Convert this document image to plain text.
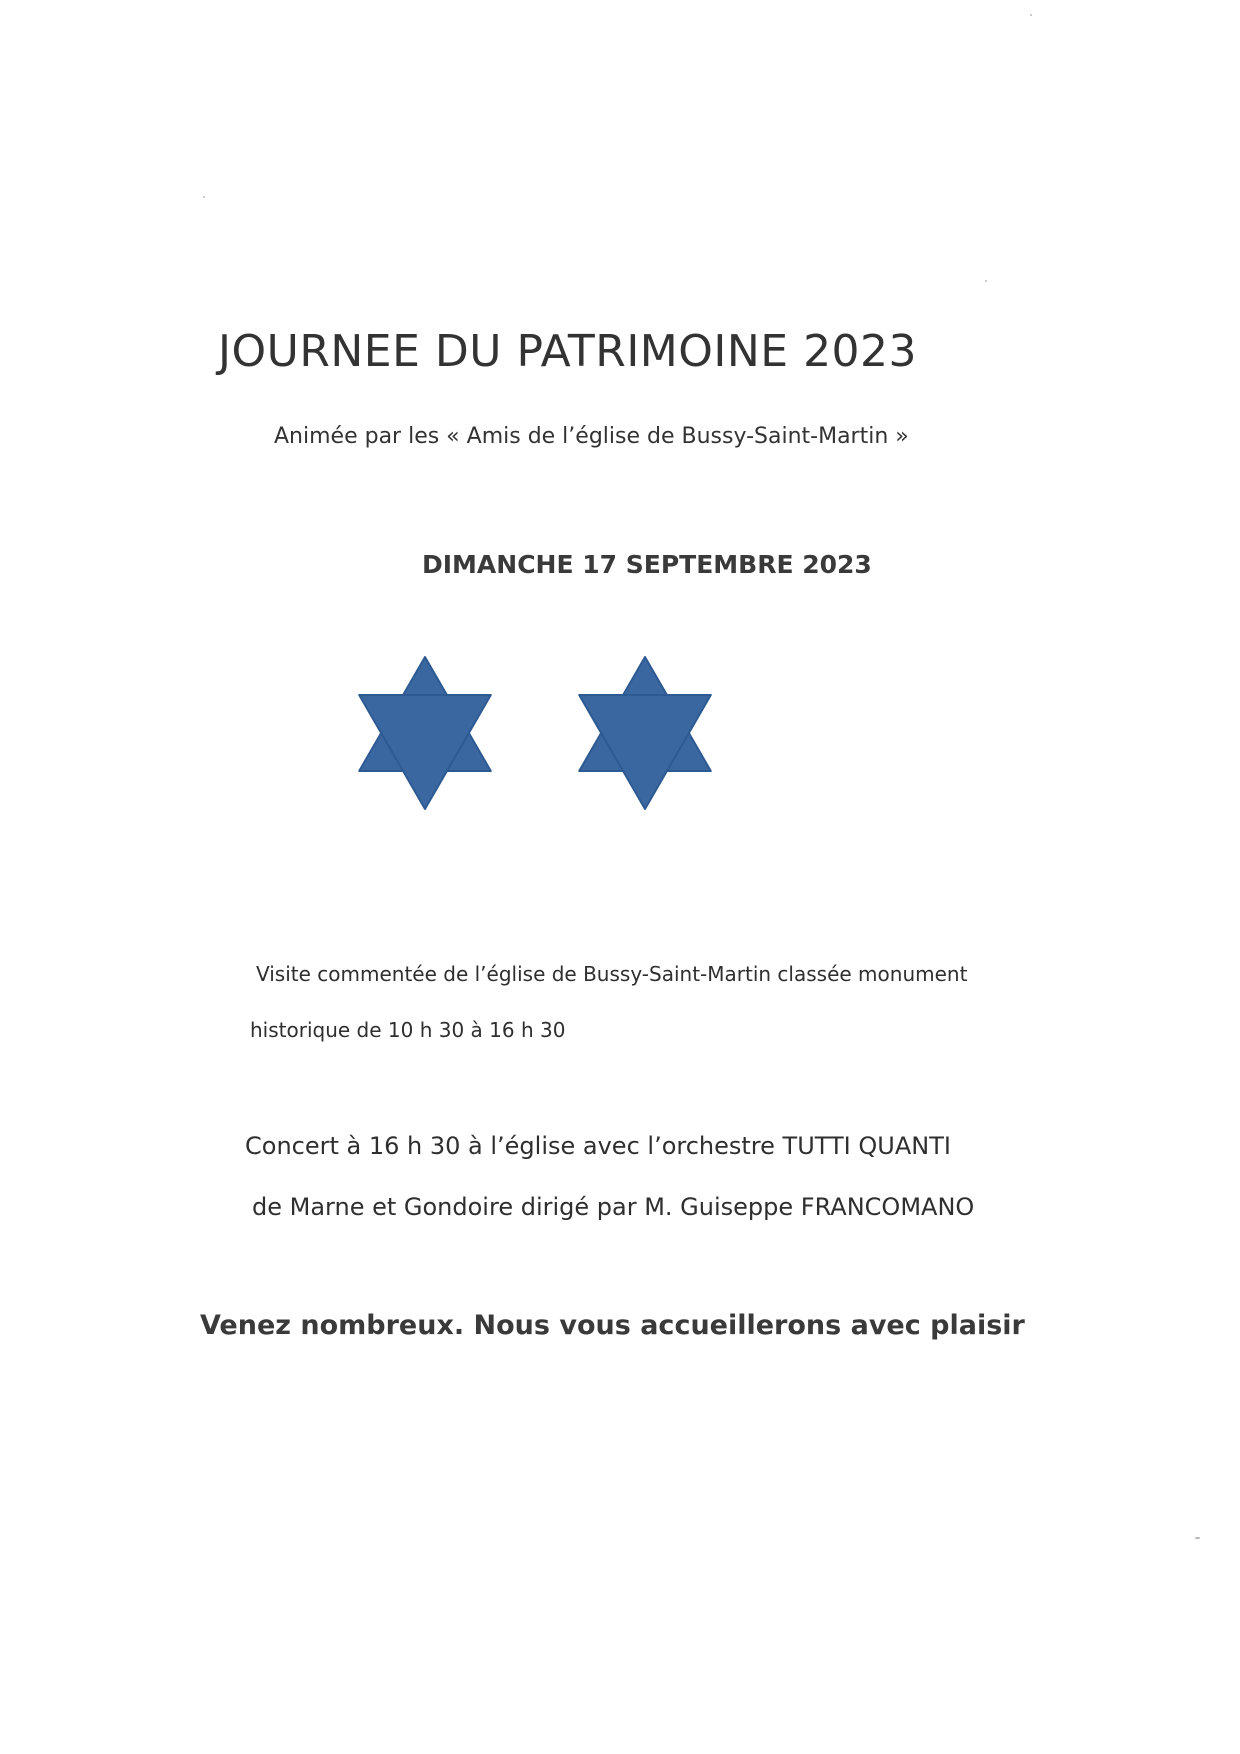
JOURNEE DU PATRIMOINE 2023

Animée par les « Amis de l’église de Bussy-Saint-Martin »

DIMANCHE 17 SEPTEMBRE 2023

Visite commentée de l’église de Bussy-Saint-Martin classée monument

historique de 10 h 30 à 16 h 30

Concert à 16 h 30 à l’église avec l’orchestre TUTTI QUANTI

de Marne et Gondoire dirigé par M. Guiseppe FRANCOMANO

Venez nombreux. Nous vous accueillerons avec plaisir
